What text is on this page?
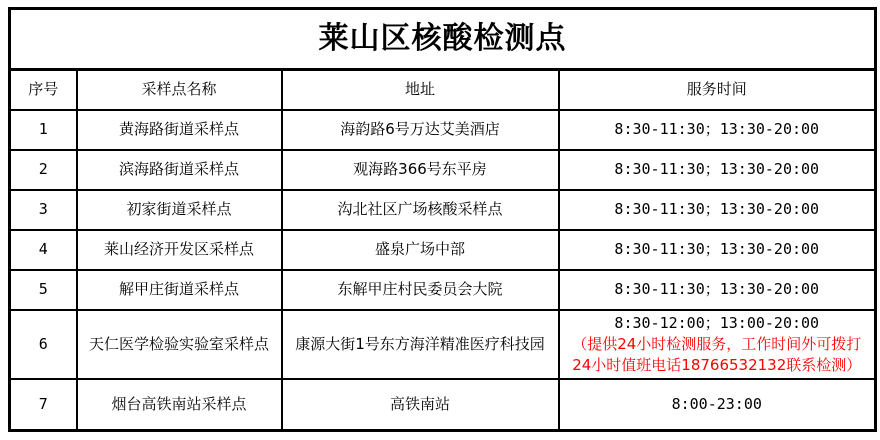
莱山区核酸检测点			
序号	采样点名称	地址	服务时间
1	黄海路街道采样点	海韵路6号万达艾美酒店	8:30-11:30；13:30-20:00

2	滨海路街道采样点	观海路366号东平房	8:30-11:30；13:30-20:00

3	初家街道采样点	沟北社区广场核酸采样点	8:30-11:30；13:30-20:00

4	莱山经济开发区采样点	盛泉广场中部	8:30-11:30；13:30-20:00

5	解甲庄街道采样点	东解甲庄村民委员会大院	8:30-11:30；13:30-20:00

6	天仁医学检验实验室采样点	康源大街1号东方海洋精准医疗科技园	8:30-12:00；13:00-20:00
（提供24小时检测服务，工作时间外可拨打24小时值班电话18766532132联系检测）

7	烟台高铁南站采样点	高铁南站	8:00-23:00
